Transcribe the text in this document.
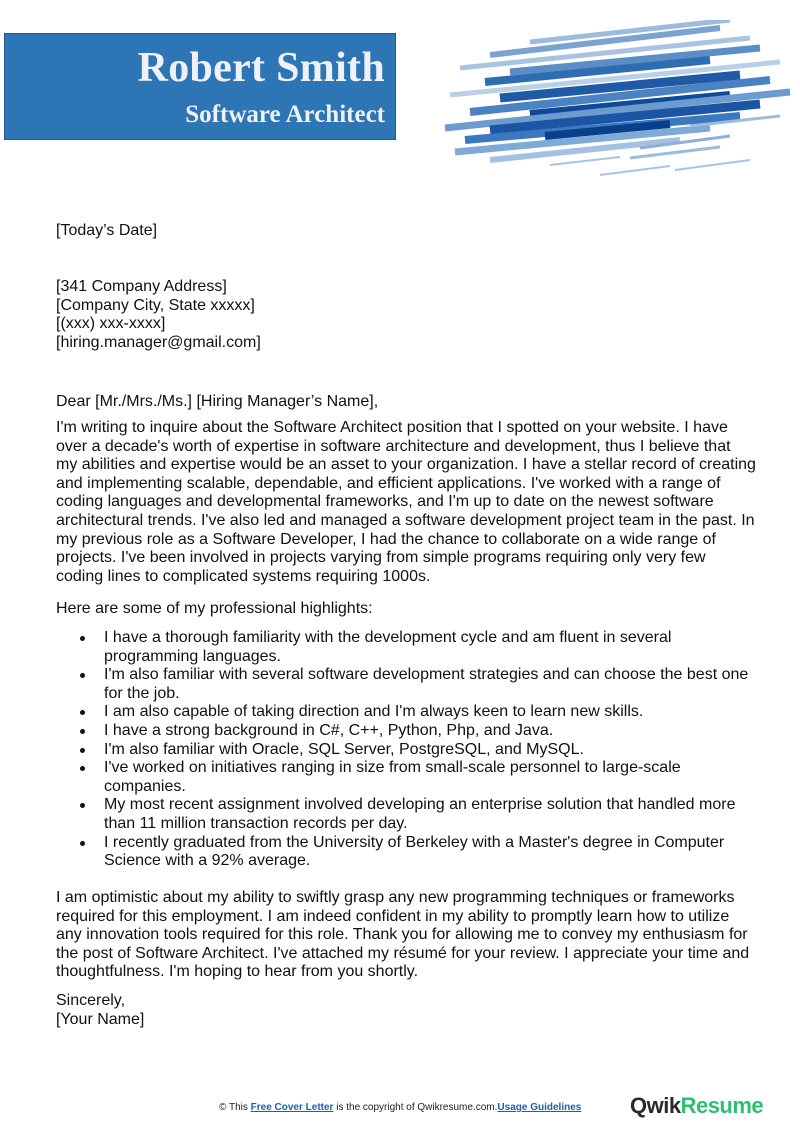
Robert Smith
Software Architect
[Today’s Date]
[341 Company Address]
[Company City, State xxxxx]
[(xxx) xxx-xxxx]
[hiring.manager@gmail.com]
Dear [Mr./Mrs./Ms.] [Hiring Manager’s Name],
I'm writing to inquire about the Software Architect position that I spotted on your website. I have over a decade's worth of expertise in software architecture and development, thus I believe that my abilities and expertise would be an asset to your organization. I have a stellar record of creating and implementing scalable, dependable, and efficient applications. I've worked with a range of coding languages and developmental frameworks, and I'm up to date on the newest software architectural trends. I've also led and managed a software development project team in the past. In my previous role as a Software Developer, I had the chance to collaborate on a wide range of projects. I've been involved in projects varying from simple programs requiring only very few coding lines to complicated systems requiring 1000s.
Here are some of my professional highlights:
I have a thorough familiarity with the development cycle and am fluent in several programming languages.
I'm also familiar with several software development strategies and can choose the best one for the job.
I am also capable of taking direction and I'm always keen to learn new skills.
I have a strong background in C#, C++, Python, Php, and Java.
I'm also familiar with Oracle, SQL Server, PostgreSQL, and MySQL.
I've worked on initiatives ranging in size from small-scale personnel to large-scale companies.
My most recent assignment involved developing an enterprise solution that handled more than 11 million transaction records per day.
I recently graduated from the University of Berkeley with a Master's degree in Computer Science with a 92% average.
I am optimistic about my ability to swiftly grasp any new programming techniques or frameworks required for this employment. I am indeed confident in my ability to promptly learn how to utilize any innovation tools required for this role. Thank you for allowing me to convey my enthusiasm for the post of Software Architect. I've attached my résumé for your review. I appreciate your time and thoughtfulness. I'm hoping to hear from you shortly.
Sincerely,
[Your Name]
© This Free Cover Letter is the copyright of Qwikresume.com.Usage Guidelines QwikResume
